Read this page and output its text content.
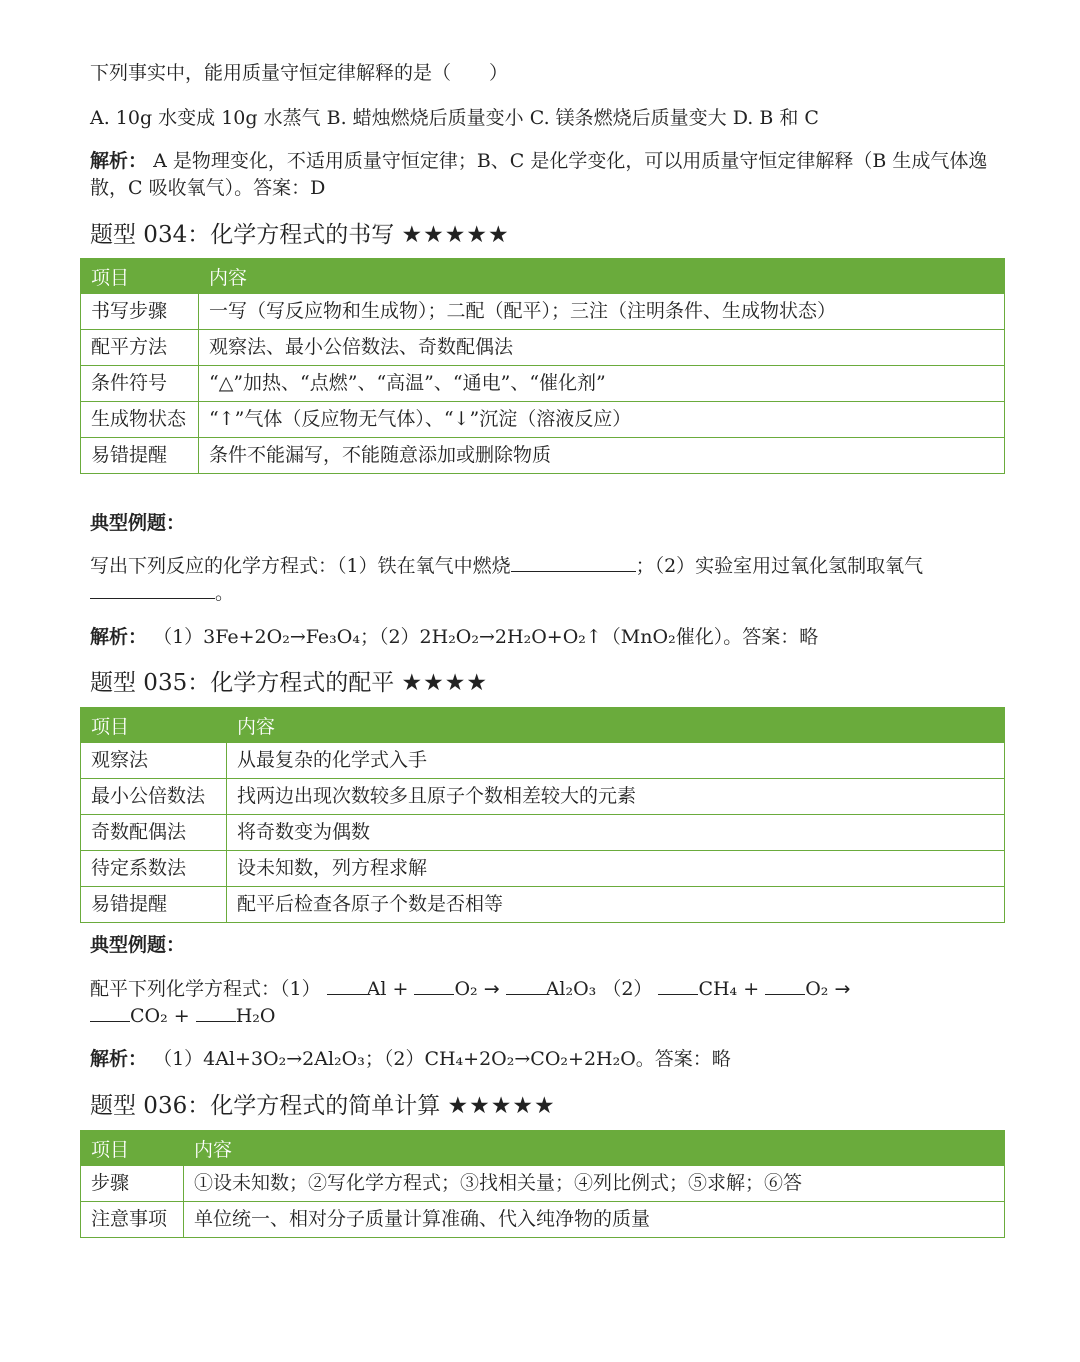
下列事实中，能用质量守恒定律解释的是（　　）
A. 10g 水变成 10g 水蒸气 B. 蜡烛燃烧后质量变小 C. 镁条燃烧后质量变大 D. B 和 C
解析： A 是物理变化，不适用质量守恒定律；B、C 是化学变化，可以用质量守恒定律解释（B 生成气体逸散，C 吸收氧气）。答案：D
题型 034：化学方程式的书写 ★★★★★
项目	内容
书写步骤	一写（写反应物和生成物）；二配（配平）；三注（注明条件、生成物状态）
配平方法	观察法、最小公倍数法、奇数配偶法
条件符号	“△”加热、“点燃”、“高温”、“通电”、“催化剂”
生成物状态	“↑”气体（反应物无气体）、“↓”沉淀（溶液反应）
易错提醒	条件不能漏写，不能随意添加或删除物质
典型例题：
写出下列反应的化学方程式：（1）铁在氧气中燃烧	；（2）实验室用过氧化氢制取氧气。
解析： （1）3Fe+2O₂→Fe₃O₄；（2）2H₂O₂→2H₂O+O₂↑（MnO₂催化）。答案：略
题型 035：化学方程式的配平 ★★★★
项目	内容
观察法	从最复杂的化学式入手
最小公倍数法	找两边出现次数较多且原子个数相差较大的元素
奇数配偶法	将奇数变为偶数
待定系数法	设未知数，列方程求解
易错提醒	配平后检查各原子个数是否相等
典型例题：
配平下列化学方程式：（1） Al + O₂ → Al₂O₃ （2） CH₄ + O₂ →
CO₂ + H₂O
解析： （1）4Al+3O₂→2Al₂O₃；（2）CH₄+2O₂→CO₂+2H₂O。答案：略
题型 036：化学方程式的简单计算 ★★★★★
项目	内容
步骤	①设未知数；②写化学方程式；③找相关量；④列比例式；⑤求解；⑥答
注意事项	单位统一、相对分子质量计算准确、代入纯净物的质量
